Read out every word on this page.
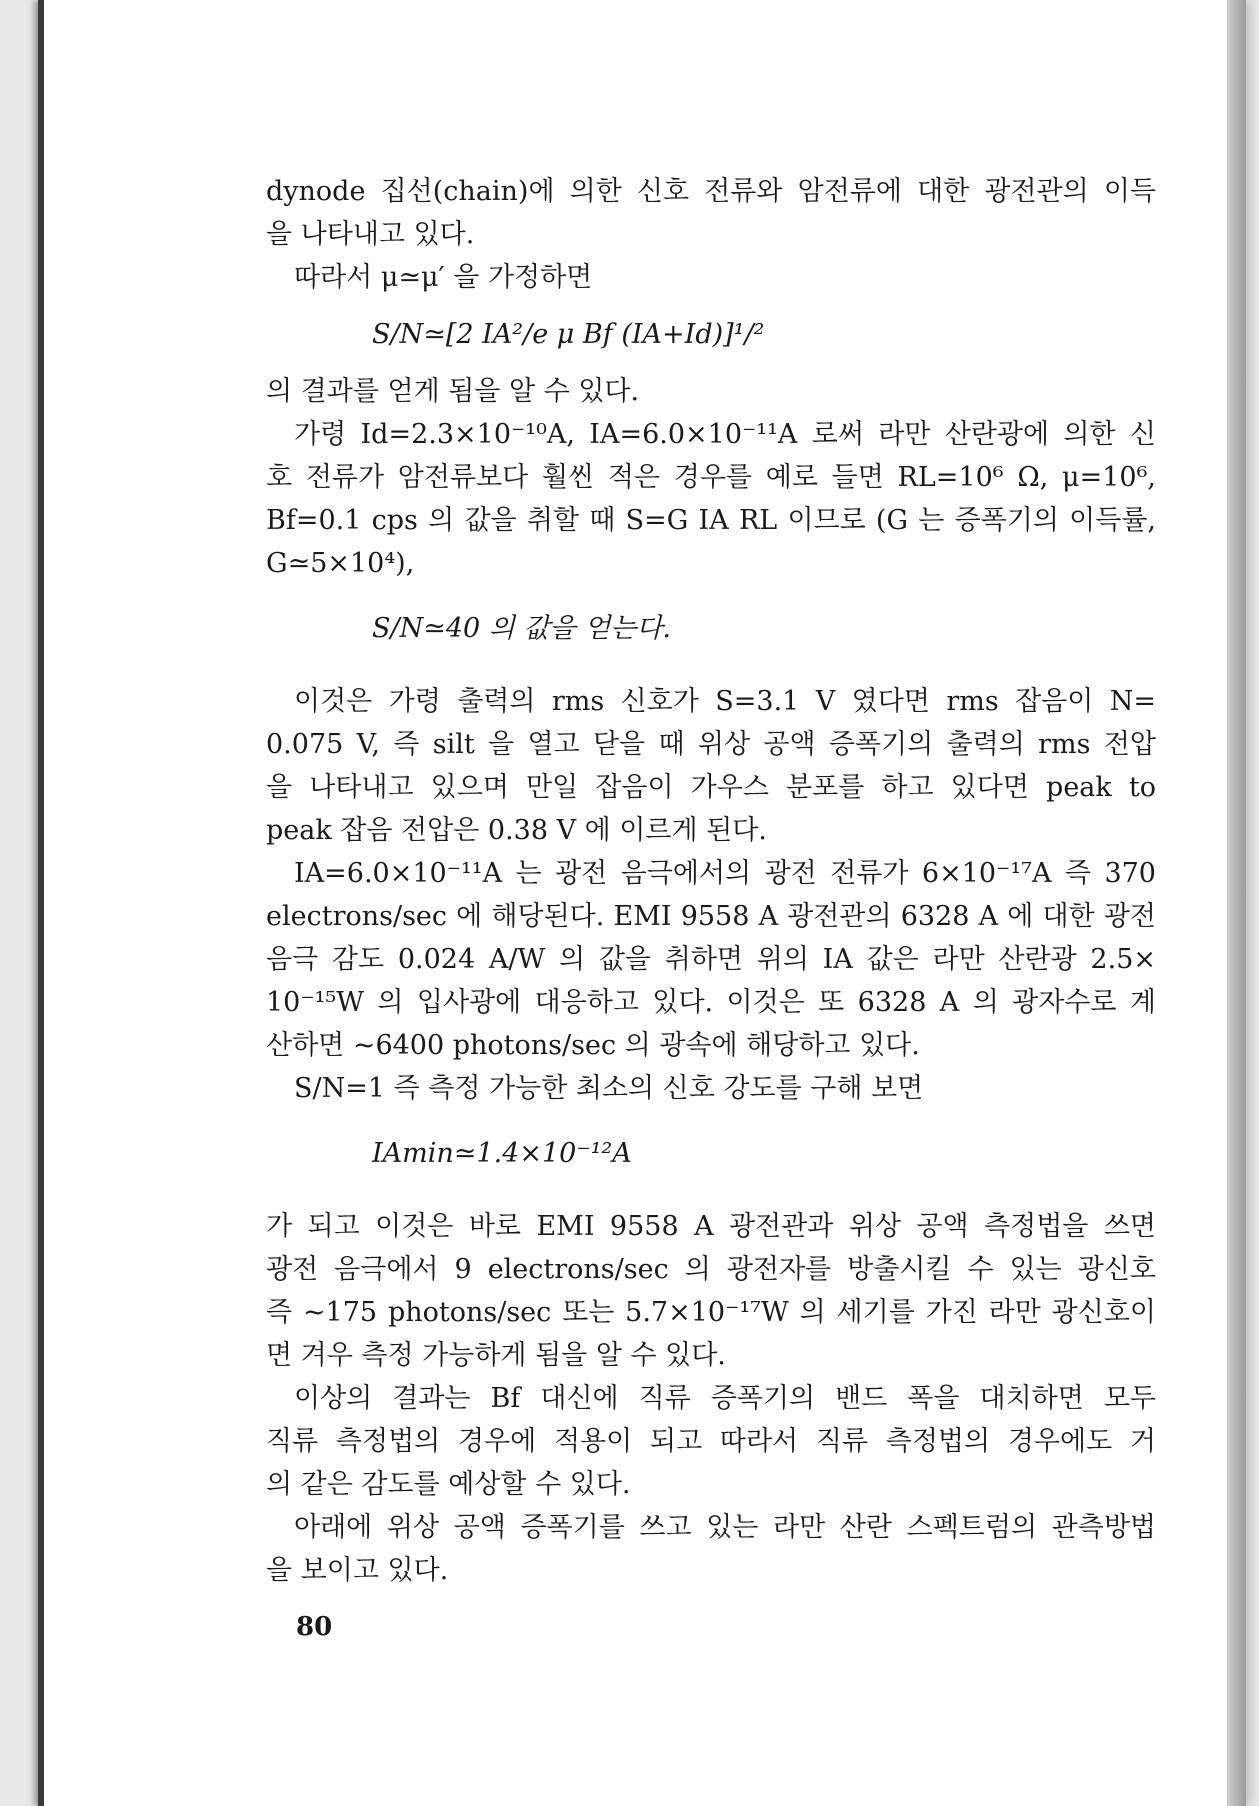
dynode 집선(chain)에 의한 신호 전류와 암전류에 대한 광전관의 이득
을 나타내고 있다.
따라서 μ≃μ′ 을 가정하면
S/N≃[2 IA²/e μ Bf (IA+Id)]¹/²
의 결과를 얻게 됨을 알 수 있다.
가령 Id=2.3×10⁻¹⁰A, IA=6.0×10⁻¹¹A 로써 라만 산란광에 의한 신
호 전류가 암전류보다 훨씬 적은 경우를 예로 들면 RL=10⁶ Ω, μ=10⁶,
Bf=0.1 cps 의 값을 취할 때 S=G IA RL 이므로 (G 는 증폭기의 이득률,
G≃5×10⁴),
S/N≃40 의 값을 얻는다.
이것은 가령 출력의 rms 신호가 S=3.1 V 였다면 rms 잡음이 N=
0.075 V, 즉 silt 을 열고 닫을 때 위상 공액 증폭기의 출력의 rms 전압
을 나타내고 있으며 만일 잡음이 가우스 분포를 하고 있다면 peak to
peak 잡음 전압은 0.38 V 에 이르게 된다.
IA=6.0×10⁻¹¹A 는 광전 음극에서의 광전 전류가 6×10⁻¹⁷A 즉 370
electrons/sec 에 해당된다. EMI 9558 A 광전관의 6328 A 에 대한 광전
음극 감도 0.024 A/W 의 값을 취하면 위의 IA 값은 라만 산란광 2.5×
10⁻¹⁵W 의 입사광에 대응하고 있다. 이것은 또 6328 A 의 광자수로 계
산하면 ~6400 photons/sec 의 광속에 해당하고 있다.
S/N=1 즉 측정 가능한 최소의 신호 강도를 구해 보면
IAmin≃1.4×10⁻¹²A
가 되고 이것은 바로 EMI 9558 A 광전관과 위상 공액 측정법을 쓰면
광전 음극에서 9 electrons/sec 의 광전자를 방출시킬 수 있는 광신호
즉 ~175 photons/sec 또는 5.7×10⁻¹⁷W 의 세기를 가진 라만 광신호이
면 겨우 측정 가능하게 됨을 알 수 있다.
이상의 결과는 Bf 대신에 직류 증폭기의 밴드 폭을 대치하면 모두
직류 측정법의 경우에 적용이 되고 따라서 직류 측정법의 경우에도 거
의 같은 감도를 예상할 수 있다.
아래에 위상 공액 증폭기를 쓰고 있는 라만 산란 스펙트럼의 관측방법
을 보이고 있다.
80
